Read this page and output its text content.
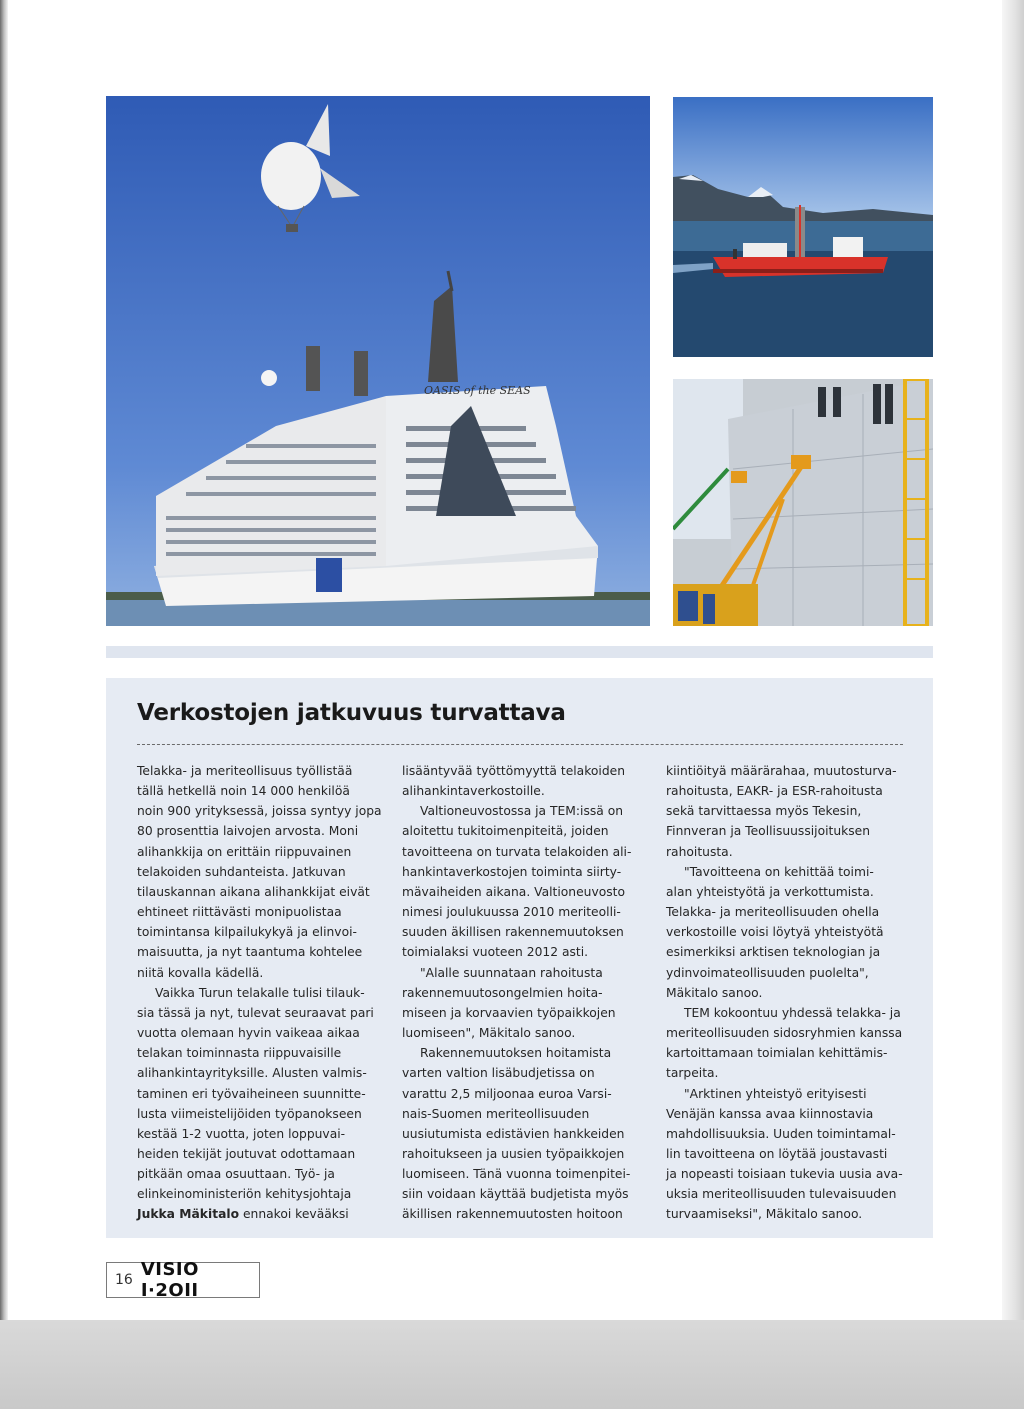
OASIS of the SEAS
Verkostojen jatkuvuus turvattava
Telakka- ja meriteollisuus työllistää
tällä hetkellä noin 14 000 henkilöä
noin 900 yrityksessä, joissa syntyy jopa
80 prosenttia laivojen arvosta. Moni
alihankkija on erittäin riippuvainen
telakoiden suhdanteista. Jatkuvan
tilauskannan aikana alihankkijat eivät
ehtineet riittävästi monipuolistaa
toimintansa kilpailukykyä ja elinvoi-
maisuutta, ja nyt taantuma kohtelee
niitä kovalla kädellä.
Vaikka Turun telakalle tulisi tilauk-
sia tässä ja nyt, tulevat seuraavat pari
vuotta olemaan hyvin vaikeaa aikaa
telakan toiminnasta riippuvaisille
alihankintayrityksille. Alusten valmis-
taminen eri työvaiheineen suunnitte-
lusta viimeistelijöiden työpanokseen
kestää 1-2 vuotta, joten loppuvai-
heiden tekijät joutuvat odottamaan
pitkään omaa osuuttaan. Työ- ja
elinkeinoministeriön kehitysjohtaja
Jukka Mäkitalo ennakoi kevääksi
lisääntyvää työttömyyttä telakoiden
alihankintaverkostoille.
Valtioneuvostossa ja TEM:issä on
aloitettu tukitoimenpiteitä, joiden
tavoitteena on turvata telakoiden ali-
hankintaverkostojen toiminta siirty-
mävaiheiden aikana. Valtioneuvosto
nimesi joulukuussa 2010 meriteolli-
suuden äkillisen rakennemuutoksen
toimialaksi vuoteen 2012 asti.
"Alalle suunnataan rahoitusta
rakennemuutosongelmien hoita-
miseen ja korvaavien työpaikkojen
luomiseen", Mäkitalo sanoo.
Rakennemuutoksen hoitamista
varten valtion lisäbudjetissa on
varattu 2,5 miljoonaa euroa Varsi-
nais-Suomen meriteollisuuden
uusiutumista edistävien hankkeiden
rahoitukseen ja uusien työpaikkojen
luomiseen. Tänä vuonna toimenpitei-
siin voidaan käyttää budjetista myös
äkillisen rakennemuutosten hoitoon
kiintiöityä määrärahaa, muutosturva-
rahoitusta, EAKR- ja ESR-rahoitusta
sekä tarvittaessa myös Tekesin,
Finnveran ja Teollisuussijoituksen
rahoitusta.
"Tavoitteena on kehittää toimi-
alan yhteistyötä ja verkottumista.
Telakka- ja meriteollisuuden ohella
verkostoille voisi löytyä yhteistyötä
esimerkiksi arktisen teknologian ja
ydinvoimateollisuuden puolelta",
Mäkitalo sanoo.
TEM kokoontuu yhdessä telakka- ja
meriteollisuuden sidosryhmien kanssa
kartoittamaan toimialan kehittämis-
tarpeita.
"Arktinen yhteistyö erityisesti
Venäjän kanssa avaa kiinnostavia
mahdollisuuksia. Uuden toimintamal-
lin tavoitteena on löytää joustavasti
ja nopeasti toisiaan tukevia uusia ava-
uksia meriteollisuuden tulevaisuuden
turvaamiseksi", Mäkitalo sanoo.
16 VISIO I·2OII
